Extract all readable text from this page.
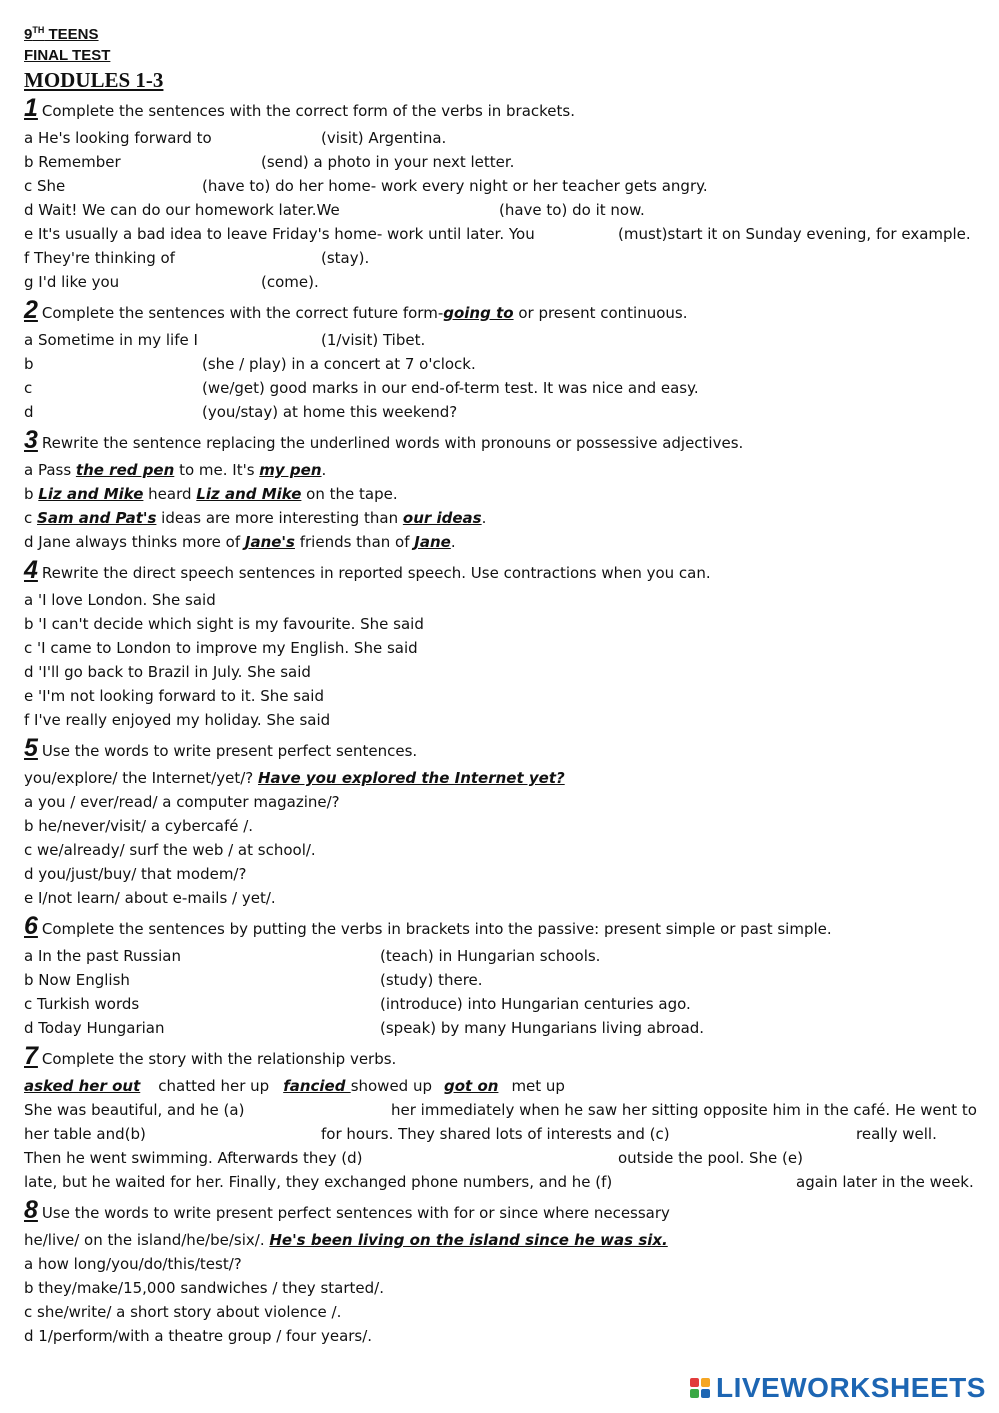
9TH TEENS
FINAL TEST
MODULES 1-3
1 Complete the sentences with the correct form of the verbs in brackets.
a He's looking forward to	(visit) Argentina.
b Remember	(send) a photo in your next letter.
c She	(have to) do her home- work every night or her teacher gets angry.
d Wait! We can do our homework later.We	(have to) do it now.
e It's usually a bad idea to leave Friday's home- work until later. You	(must)start it on Sunday evening, for example.
f They're thinking of	(stay).
g I'd like you	(come).
2 Complete the sentences with the correct future form-going to or present continuous.
a Sometime in my life I	(1/visit) Tibet.
b	(she / play) in a concert at 7 o'clock.
c	(we/get) good marks in our end-of-term test. It was nice and easy.
d	(you/stay) at home this weekend?
3 Rewrite the sentence replacing the underlined words with pronouns or possessive adjectives.
a Pass the red pen to me. It's my pen.
b Liz and Mike heard Liz and Mike on the tape.
c Sam and Pat's ideas are more interesting than our ideas.
d Jane always thinks more of Jane's friends than of Jane.
4 Rewrite the direct speech sentences in reported speech. Use contractions when you can.
a 'I love London. She said
b 'I can't decide which sight is my favourite. She said
c 'I came to London to improve my English. She said
d 'I'll go back to Brazil in July. She said
e 'I'm not looking forward to it. She said
f I've really enjoyed my holiday. She said
5 Use the words to write present perfect sentences.
you/explore/ the Internet/yet/? Have you explored the Internet yet?
a you / ever/read/ a computer magazine/?
b he/never/visit/ a cybercafé /.
c we/already/ surf the web / at school/.
d you/just/buy/ that modem/?
e I/not learn/ about e-mails / yet/.
6 Complete the sentences by putting the verbs in brackets into the passive: present simple or past simple.
a In the past Russian	(teach) in Hungarian schools.
b Now English	(study) there.
c Turkish words	(introduce) into Hungarian centuries ago.
d Today Hungarian	(speak) by many Hungarians living abroad.
7 Complete the story with the relationship verbs.
asked her out chatted her up fancied showed up got on met up
She was beautiful, and he (a)	her immediately when he saw her sitting opposite him in the café. He went to
her table and(b)	for hours. They shared lots of interests and (c)	really well.
Then he went swimming. Afterwards they (d)	outside the pool. She (e)
late, but he waited for her. Finally, they exchanged phone numbers, and he (f)	again later in the week.
8 Use the words to write present perfect sentences with for or since where necessary
he/live/ on the island/he/be/six/. He's been living on the island since he was six.
a how long/you/do/this/test/?
b they/make/15,000 sandwiches / they started/.
c she/write/ a short story about violence /.
d 1/perform/with a theatre group / four years/.
LIVEWORKSHEETS
